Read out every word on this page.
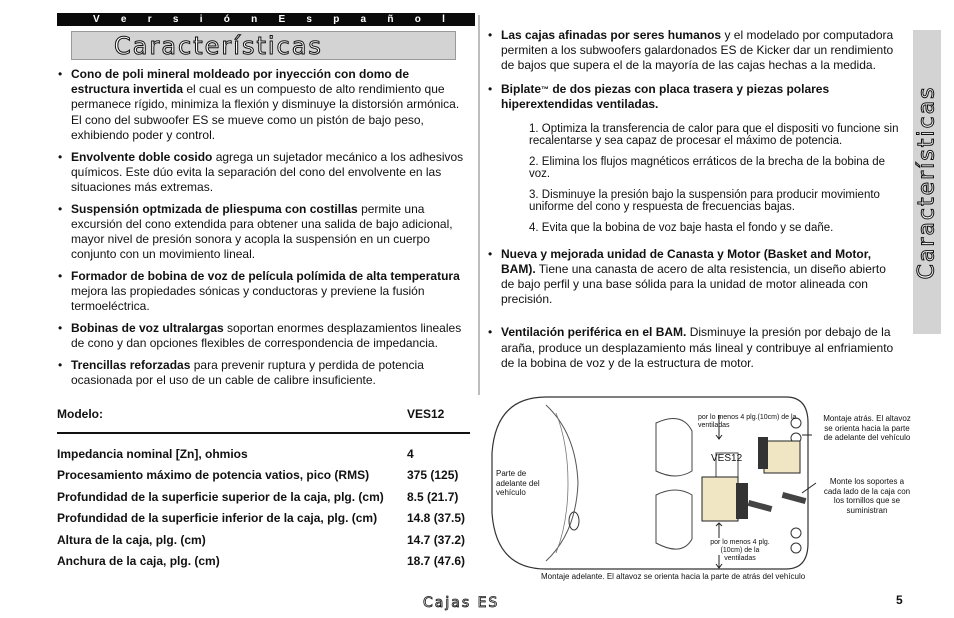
V e r s i ó n E s p a ñ o l
Características
• Cono de poli mineral moldeado por inyección con domo de estructura invertida el cual es un compuesto de alto rendimiento que permanece rígido, minimiza la flexión y disminuye la distorsión armónica. El cono del subwoofer ES se mueve como un pistón de bajo peso, exhibiendo poder y control.
• Envolvente doble cosido agrega un sujetador mecánico a los adhesivos químicos. Este dúo evita la separación del cono del envolvente en las situaciones más extremas.
• Suspensión optmizada de pliespuma con costillas permite una excursión del cono extendida para obtener una salida de bajo adicional, mayor nivel de presión sonora y acopla la suspensión en un cuerpo conjunto con un movimiento lineal.
• Formador de bobina de voz de película polímida de alta temperatura mejora las propiedades sónicas y conductoras y previene la fusión termoeléctrica.
• Bobinas de voz ultralargas soportan enormes desplazamientos lineales de cono y dan opciones flexibles de correspondencia de impedancia.
• Trencillas reforzadas para prevenir ruptura y perdida de potencia ocasionada por el uso de un cable de calibre insuficiente.
Modelo:	VES12
Impedancia nominal [Zn], ohmios	4
Procesamiento máximo de potencia vatios, pico (RMS)	375 (125)
Profundidad de la superficie superior de la caja, plg. (cm) 8.5 (21.7)
Profundidad de la superficie inferior de la caja, plg. (cm) 14.8 (37.5)
Altura de la caja, plg. (cm)	14.7 (37.2)
Anchura de la caja, plg. (cm)	18.7 (47.6)
• Las cajas afinadas por seres humanos y el modelado por computadora permiten a los subwoofers galardonados ES de Kicker dar un rendimiento de bajos que supera el de la mayoría de las cajas hechas a la medida.
• Biplate™ de dos piezas con placa trasera y piezas polares hiperextendidas ventiladas.
1. Optimiza la transferencia de calor para que el dispositi vo funcione sin recalentarse y sea capaz de procesar el máximo de potencia.
2. Elimina los flujos magnéticos erráticos de la brecha de la bobina de voz.
3. Disminuye la presión bajo la suspensión para producir movimiento uniforme del cono y respuesta de frecuencias bajas.
4. Evita que la bobina de voz baje hasta el fondo y se dañe.
• Nueva y mejorada unidad de Canasta y Motor (Basket and Motor, BAM). Tiene una canasta de acero de alta resistencia, un diseño abierto de bajo perfil y una base sólida para la unidad de motor alineada con precisión.
• Ventilación periférica en el BAM. Disminuye la presión por debajo de la araña, produce un desplazamiento más lineal y contribuye al enfriamiento de la bobina de voz y de la estructura de motor.
Características
Parte de adelante del vehículo
por lo menos 4 plg.(10cm) de la ventiladas
VES12
por lo menos 4 plg. (10cm) de la ventiladas
Montaje atrás. El altavoz se orienta hacia la parte de adelante del vehículo
Monte los soportes a cada lado de la caja con los tornillos que se suministran
Montaje adelante. El altavoz se orienta hacia la parte de atrás del vehículo
Cajas ES	5
